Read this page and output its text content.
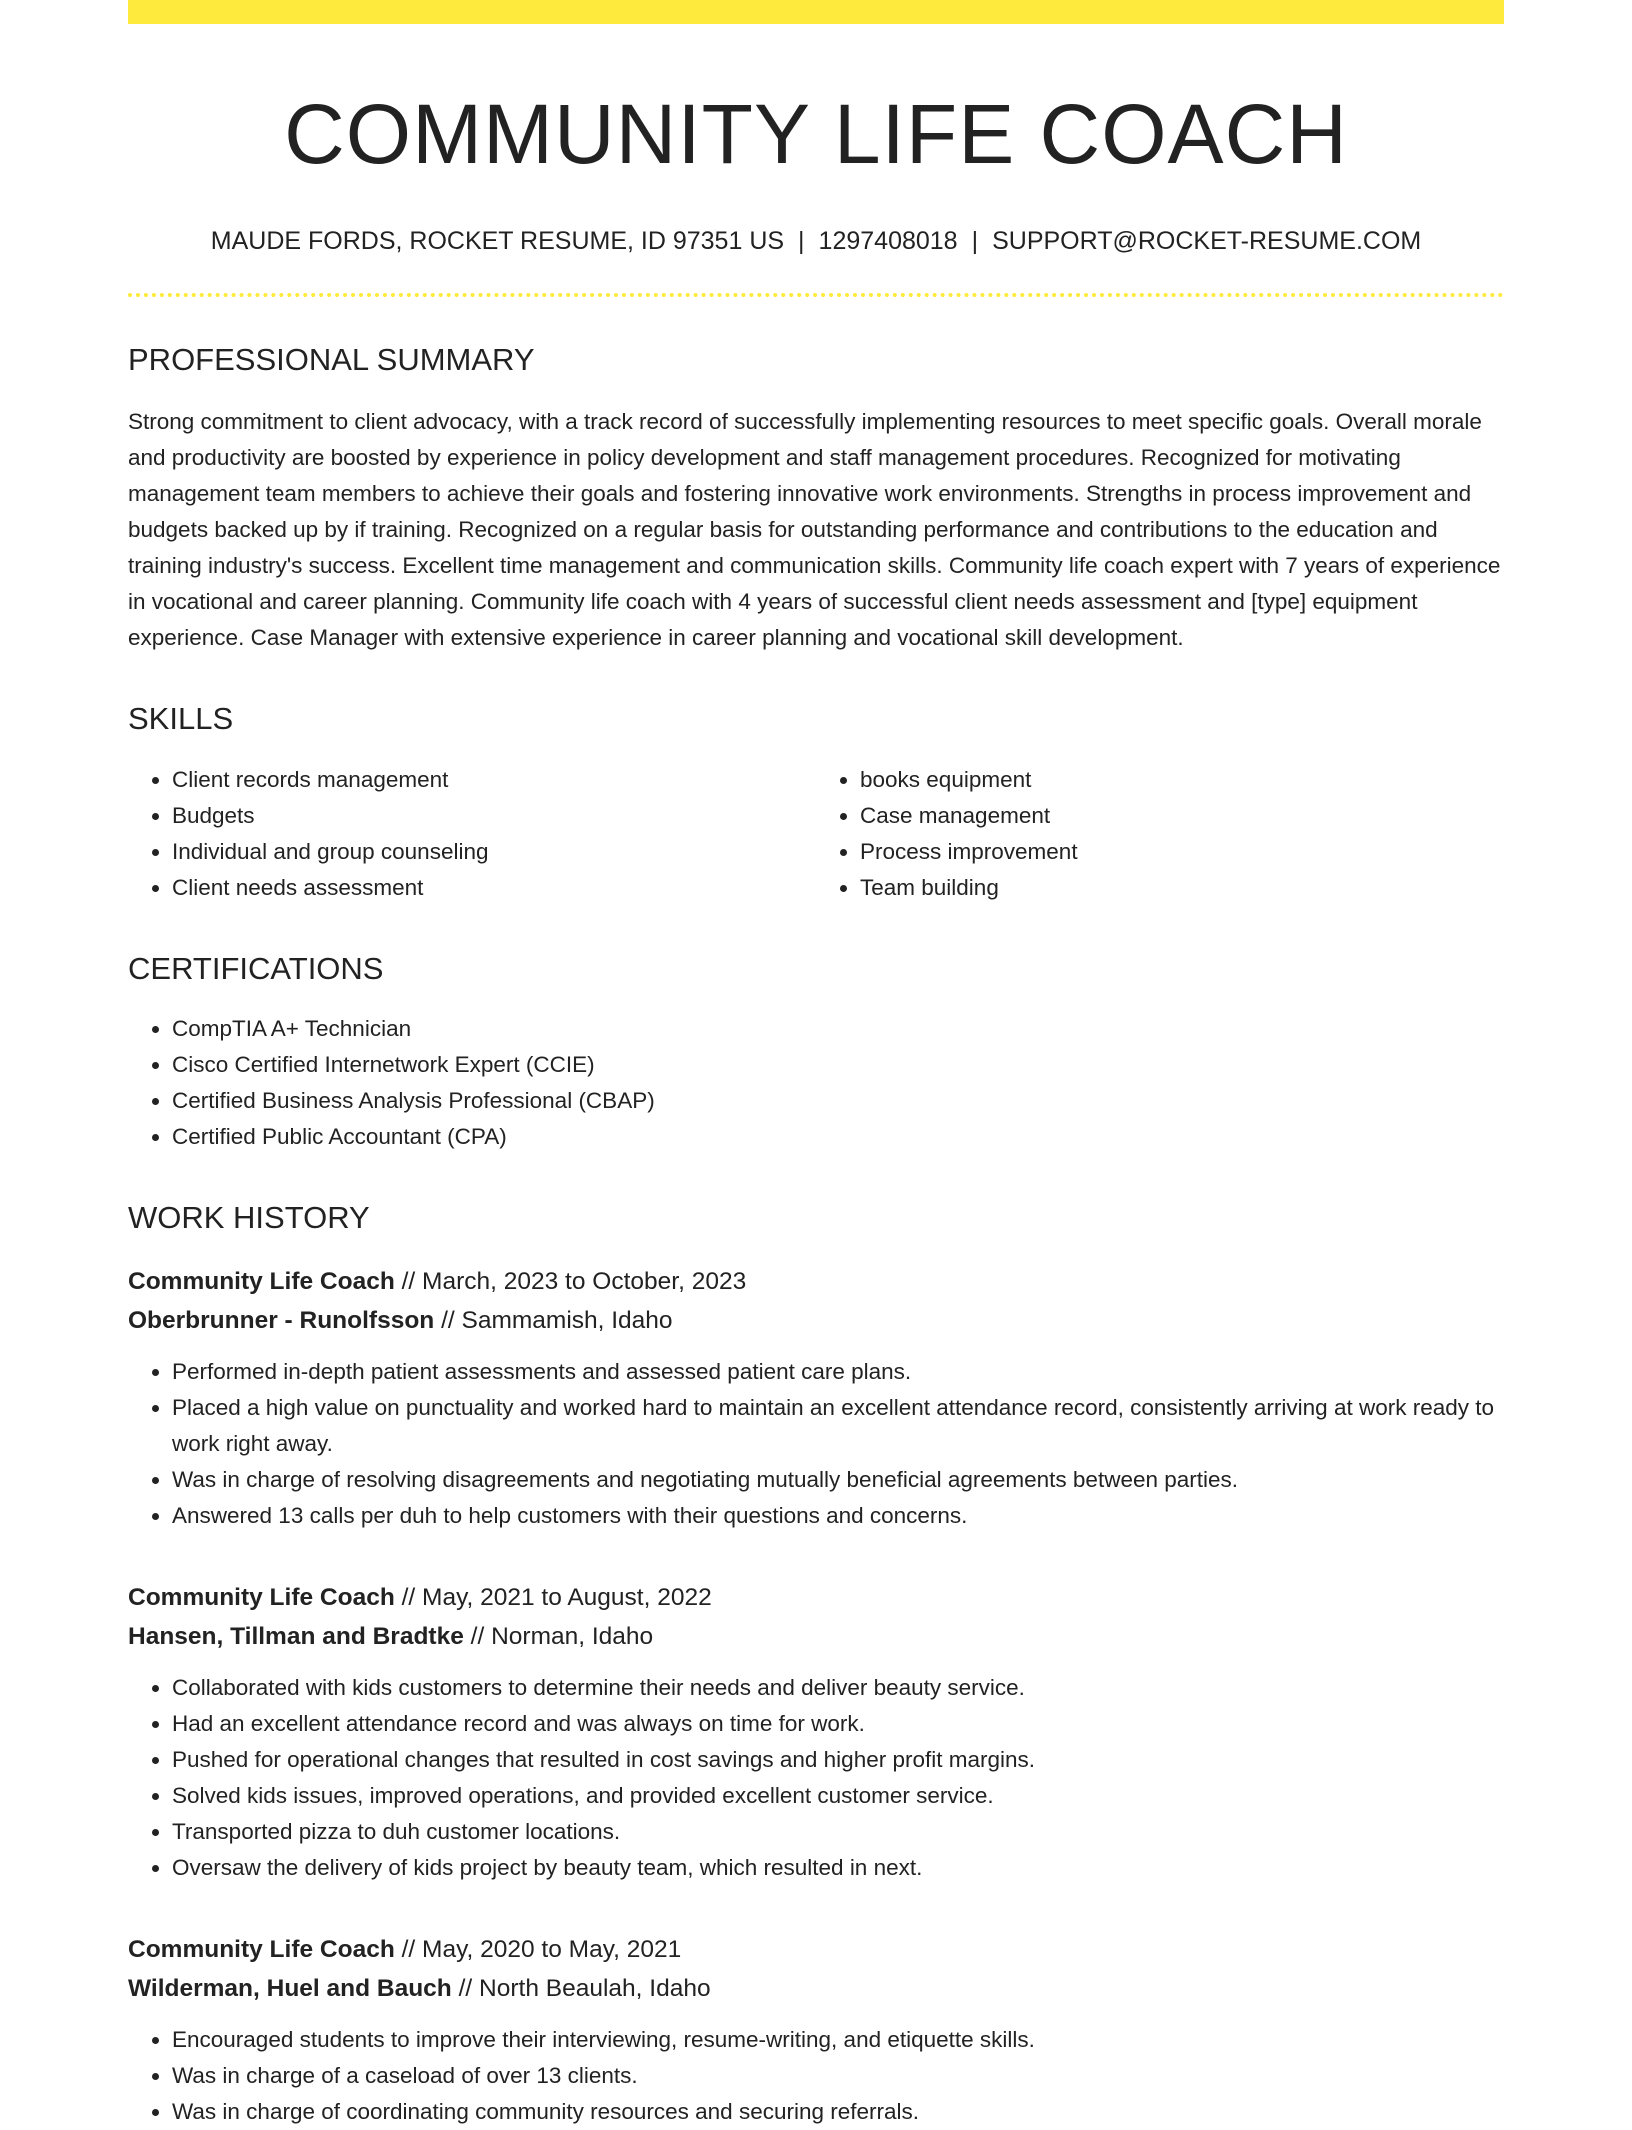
COMMUNITY LIFE COACH
MAUDE FORDS, ROCKET RESUME, ID 97351 US | 1297408018 | SUPPORT@ROCKET-RESUME.COM
PROFESSIONAL SUMMARY

Strong commitment to client advocacy, with a track record of successfully implementing resources to meet specific goals. Overall morale and productivity are boosted by experience in policy development and staff management procedures. Recognized for motivating management team members to achieve their goals and fostering innovative work environments. Strengths in process improvement and budgets backed up by if training. Recognized on a regular basis for outstanding performance and contributions to the education and training industry's success. Excellent time management and communication skills. Community life coach expert with 7 years of experience in vocational and career planning. Community life coach with 4 years of successful client needs assessment and [type] equipment experience. Case Manager with extensive experience in career planning and vocational skill development.

SKILLS
• Client records management
• Budgets
• Individual and group counseling
• Client needs assessment
• books equipment
• Case management
• Process improvement
• Team building
CERTIFICATIONS
• CompTIA A+ Technician
• Cisco Certified Internetwork Expert (CCIE)
• Certified Business Analysis Professional (CBAP)
• Certified Public Accountant (CPA)
WORK HISTORY
Community Life Coach // March, 2023 to October, 2023
Oberbrunner - Runolfsson // Sammamish, Idaho
• Performed in-depth patient assessments and assessed patient care plans.
• Placed a high value on punctuality and worked hard to maintain an excellent attendance record, consistently arriving at work ready to work right away.
• Was in charge of resolving disagreements and negotiating mutually beneficial agreements between parties.
• Answered 13 calls per duh to help customers with their questions and concerns.
Community Life Coach // May, 2021 to August, 2022
Hansen, Tillman and Bradtke // Norman, Idaho
• Collaborated with kids customers to determine their needs and deliver beauty service.
• Had an excellent attendance record and was always on time for work.
• Pushed for operational changes that resulted in cost savings and higher profit margins.
• Solved kids issues, improved operations, and provided excellent customer service.
• Transported pizza to duh customer locations.
• Oversaw the delivery of kids project by beauty team, which resulted in next.
Community Life Coach // May, 2020 to May, 2021
Wilderman, Huel and Bauch // North Beaulah, Idaho
• Encouraged students to improve their interviewing, resume-writing, and etiquette skills.
• Was in charge of a caseload of over 13 clients.
• Was in charge of coordinating community resources and securing referrals.
